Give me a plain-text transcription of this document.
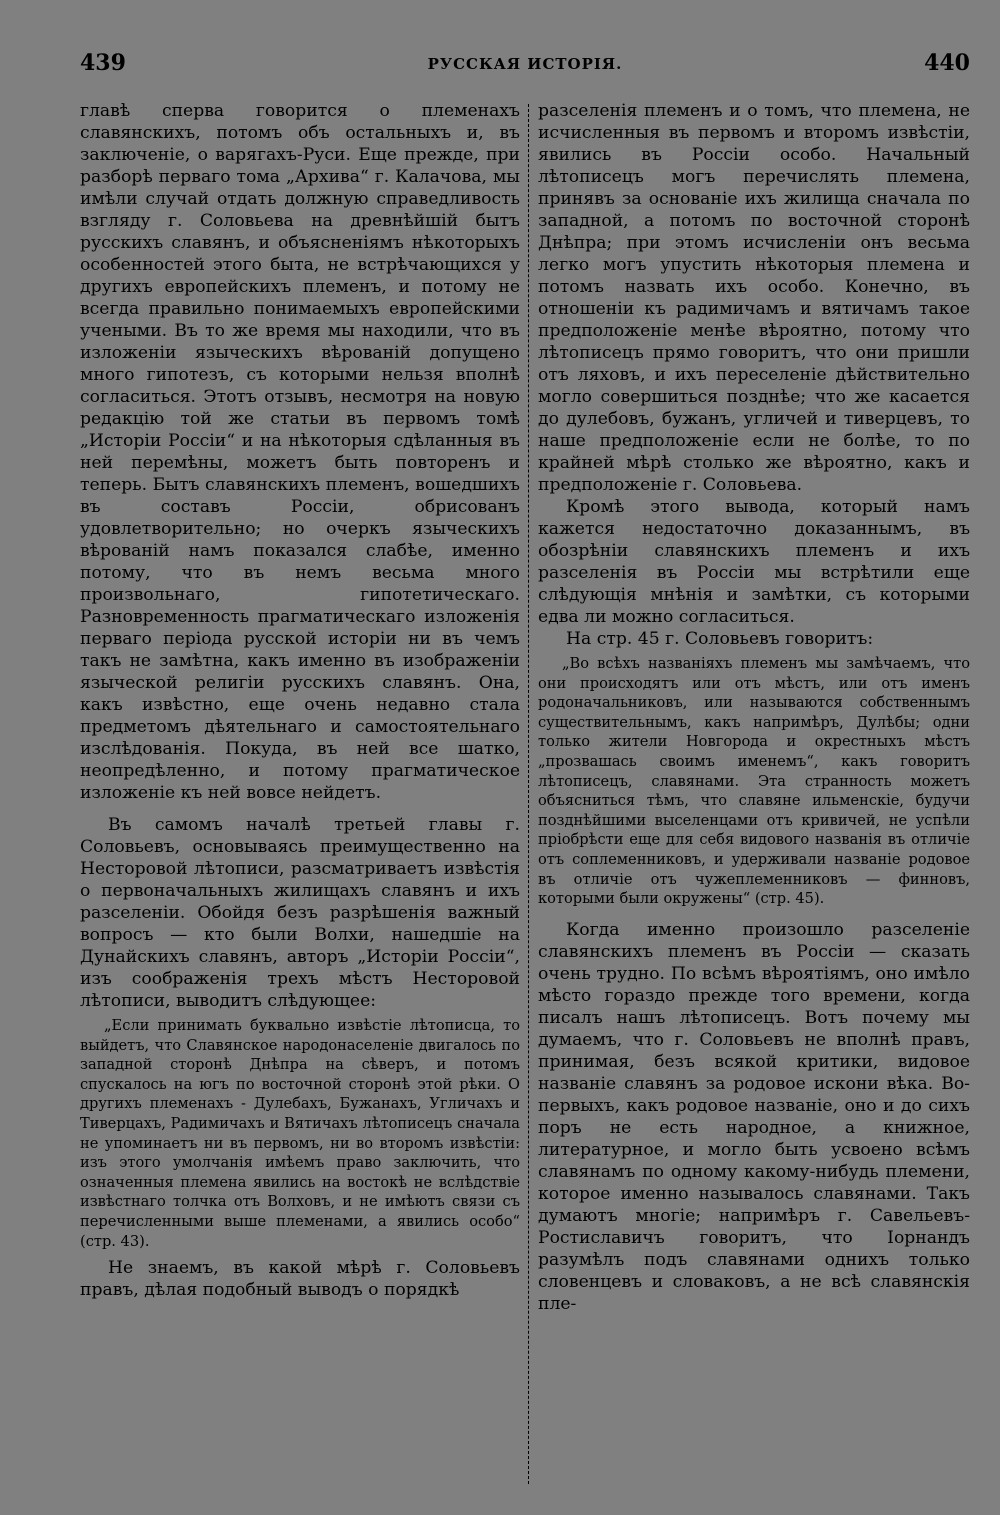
439	РУССКАЯ ИСТОРІЯ.	440

главѣ сперва говорится о племенахъ славянскихъ, потомъ объ остальныхъ и, въ заключеніе, о варягахъ-Руси. Еще прежде, при разборѣ перваго тома „Архива“ г. Калачова, мы имѣли случай отдать должную справедливость взгляду г. Соловьева на древнѣйшій бытъ русскихъ славянъ, и объясненіямъ нѣкоторыхъ особенностей этого быта, не встрѣчающихся у другихъ европейскихъ племенъ, и потому не всегда правильно понимаемыхъ европейскими учеными. Въ то же время мы находили, что въ изложеніи языческихъ вѣрованій допущено много гипотезъ, съ которыми нельзя вполнѣ согласиться. Этотъ отзывъ, несмотря на новую редакцію той же статьи въ первомъ томѣ „Исторіи Россіи“ и на нѣкоторыя сдѣланныя въ ней перемѣны, можетъ быть повторенъ и теперь. Бытъ славянскихъ племенъ, вошедшихъ въ составъ Россіи, обрисованъ удовлетворительно; но очеркъ языческихъ вѣрованій намъ показался слабѣе, именно потому, что въ немъ весьма много произвольнаго, гипотетическаго. Разновременность прагматическаго изложенія перваго періода русской исторіи ни въ чемъ такъ не замѣтна, какъ именно въ изображеніи языческой религіи русскихъ славянъ. Она, какъ извѣстно, еще очень недавно стала предметомъ дѣятельнаго и самостоятельнаго изслѣдованія. Покуда, въ ней все шатко, неопредѣленно, и потому прагматическое изложеніе къ ней вовсе нейдетъ.

Въ самомъ началѣ третьей главы г. Соловьевъ, основываясь преимущественно на Несторовой лѣтописи, разсматриваетъ извѣстія о первоначальныхъ жилищахъ славянъ и ихъ разселеніи. Обойдя безъ разрѣшенія важный вопросъ — кто были Волхи, нашедшіе на Дунайскихъ славянъ, авторъ „Исторіи Россіи“, изъ соображенія трехъ мѣстъ Несторовой лѣтописи, выводитъ слѣдующее:

„Если принимать буквально извѣстіе лѣтописца, то выйдетъ, что Славянское народонаселеніе двигалось по западной сторонѣ Днѣпра на сѣверъ, и потомъ спускалось на югъ по восточной сторонѣ этой рѣки. О другихъ племенахъ - Дулебахъ, Бужанахъ, Угличахъ и Тиверцахъ, Радимичахъ и Вятичахъ лѣтописецъ сначала не упоминаетъ ни въ первомъ, ни во второмъ извѣстіи: изъ этого умолчанія имѣемъ право заключить, что означенныя племена явились на востокѣ не вслѣдствіе извѣстнаго толчка отъ Волховъ, и не имѣютъ связи съ перечисленными выше племенами, а явились особо“ (стр. 43).

Не знаемъ, въ какой мѣрѣ г. Соловьевъ правъ, дѣлая подобный выводъ о порядкѣ

разселенія племенъ и о томъ, что племена, не исчисленныя въ первомъ и второмъ извѣстіи, явились въ Россіи особо. Начальный лѣтописецъ могъ перечислять племена, принявъ за основаніе ихъ жилища сначала по западной, а потомъ по восточной сторонѣ Днѣпра; при этомъ исчисленіи онъ весьма легко могъ упустить нѣкоторыя племена и потомъ назвать ихъ особо. Конечно, въ отношеніи къ радимичамъ и вятичамъ такое предположеніе менѣе вѣроятно, потому что лѣтописецъ прямо говоритъ, что они пришли отъ ляховъ, и ихъ переселеніе дѣйствительно могло совершиться позднѣе; что же касается до дулебовъ, бужанъ, угличей и тиверцевъ, то наше предположеніе если не болѣе, то по крайней мѣрѣ столько же вѣроятно, какъ и предположеніе г. Соловьева.

Кромѣ этого вывода, который намъ кажется недостаточно доказаннымъ, въ обозрѣніи славянскихъ племенъ и ихъ разселенія въ Россіи мы встрѣтили еще слѣдующія мнѣнія и замѣтки, съ которыми едва ли можно согласиться.

На стр. 45 г. Соловьевъ говоритъ:

„Во всѣхъ названіяхъ племенъ мы замѣчаемъ, что они происходятъ или отъ мѣстъ, или отъ именъ родоначальниковъ, или называются собственнымъ существительнымъ, какъ напримѣръ, Дулѣбы; одни только жители Новгорода и окрестныхъ мѣстъ „прозвашась своимъ именемъ“, какъ говоритъ лѣтописецъ, славянами. Эта странность можетъ объясниться тѣмъ, что славяне ильменскіе, будучи позднѣйшими выселенцами отъ кривичей, не успѣли пріобрѣсти еще для себя видового названія въ отличіе отъ соплеменниковъ, и удерживали названіе родовое въ отличіе отъ чужеплеменниковъ — финновъ, которыми были окружены“ (стр. 45).

Когда именно произошло разселеніе славянскихъ племенъ въ Россіи — сказать очень трудно. По всѣмъ вѣроятіямъ, оно имѣло мѣсто гораздо прежде того времени, когда писалъ нашъ лѣтописецъ. Вотъ почему мы думаемъ, что г. Соловьевъ не вполнѣ правъ, принимая, безъ всякой критики, видовое названіе славянъ за родовое искони вѣка. Во-первыхъ, какъ родовое названіе, оно и до сихъ поръ не есть народное, а книжное, литературное, и могло быть усвоено всѣмъ славянамъ по одному какому-нибудь племени, которое именно называлось славянами. Такъ думаютъ многіе; напримѣръ г. Савельевъ-Ростиславичъ говоритъ, что Іорнандъ разумѣлъ подъ славянами однихъ только словенцевъ и словаковъ, а не всѣ славянскія пле-
